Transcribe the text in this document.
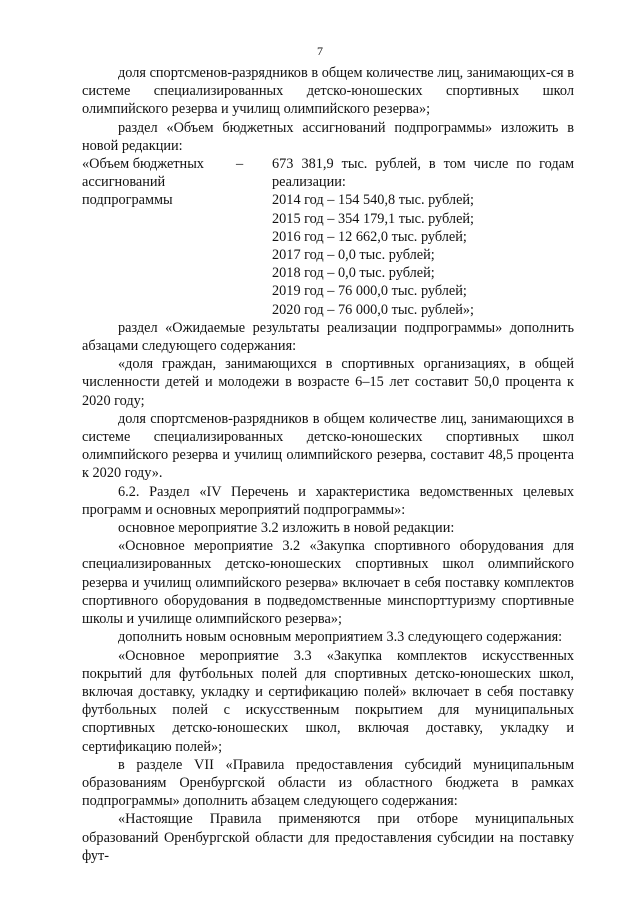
7

доля спортсменов-разрядников в общем количестве лиц, занимающих-ся в системе специализированных детско-юношеских спортивных школ олимпийского резерва и училищ олимпийского резерва»;

раздел «Объем бюджетных ассигнований подпрограммы» изложить в новой редакции:

«Объем бюджетных ассигнований подпрограммы
–	673 381,9 тыс. рублей, в том числе по годам реализации:

2014 год – 154 540,8 тыс. рублей;
2015 год – 354 179,1 тыс. рублей;
2016 год – 12 662,0 тыс. рублей;
2017 год – 0,0 тыс. рублей;
2018 год – 0,0 тыс. рублей;
2019 год – 76 000,0 тыс. рублей;
2020 год – 76 000,0 тыс. рублей»;

раздел «Ожидаемые результаты реализации подпрограммы» дополнить абзацами следующего содержания:

«доля граждан, занимающихся в спортивных организациях, в общей численности детей и молодежи в возрасте 6–15 лет составит 50,0 процента к 2020 году;

доля спортсменов-разрядников в общем количестве лиц, занимающихся в системе специализированных детско-юношеских спортивных школ олимпийского резерва и училищ олимпийского резерва, составит 48,5 процента к 2020 году».

6.2. Раздел «IV Перечень и характеристика ведомственных целевых программ и основных мероприятий подпрограммы»:

основное мероприятие 3.2 изложить в новой редакции:

«Основное мероприятие 3.2 «Закупка спортивного оборудования для специализированных детско-юношеских спортивных школ олимпийского резерва и училищ олимпийского резерва» включает в себя поставку комплектов спортивного оборудования в подведомственные минспорттуризму спортивные школы и училище олимпийского резерва»;

дополнить новым основным мероприятием 3.3 следующего содержания:

«Основное мероприятие 3.3 «Закупка комплектов искусственных покрытий для футбольных полей для спортивных детско-юношеских школ, включая доставку, укладку и сертификацию полей» включает в себя поставку футбольных полей с искусственным покрытием для муниципальных спортивных детско-юношеских школ, включая доставку, укладку и сертификацию полей»;

в разделе VII «Правила предоставления субсидий муниципальным образованиям Оренбургской области из областного бюджета в рамках подпрограммы» дополнить абзацем следующего содержания:

«Настоящие Правила применяются при отборе муниципальных образований Оренбургской области для предоставления субсидии на поставку фут-
